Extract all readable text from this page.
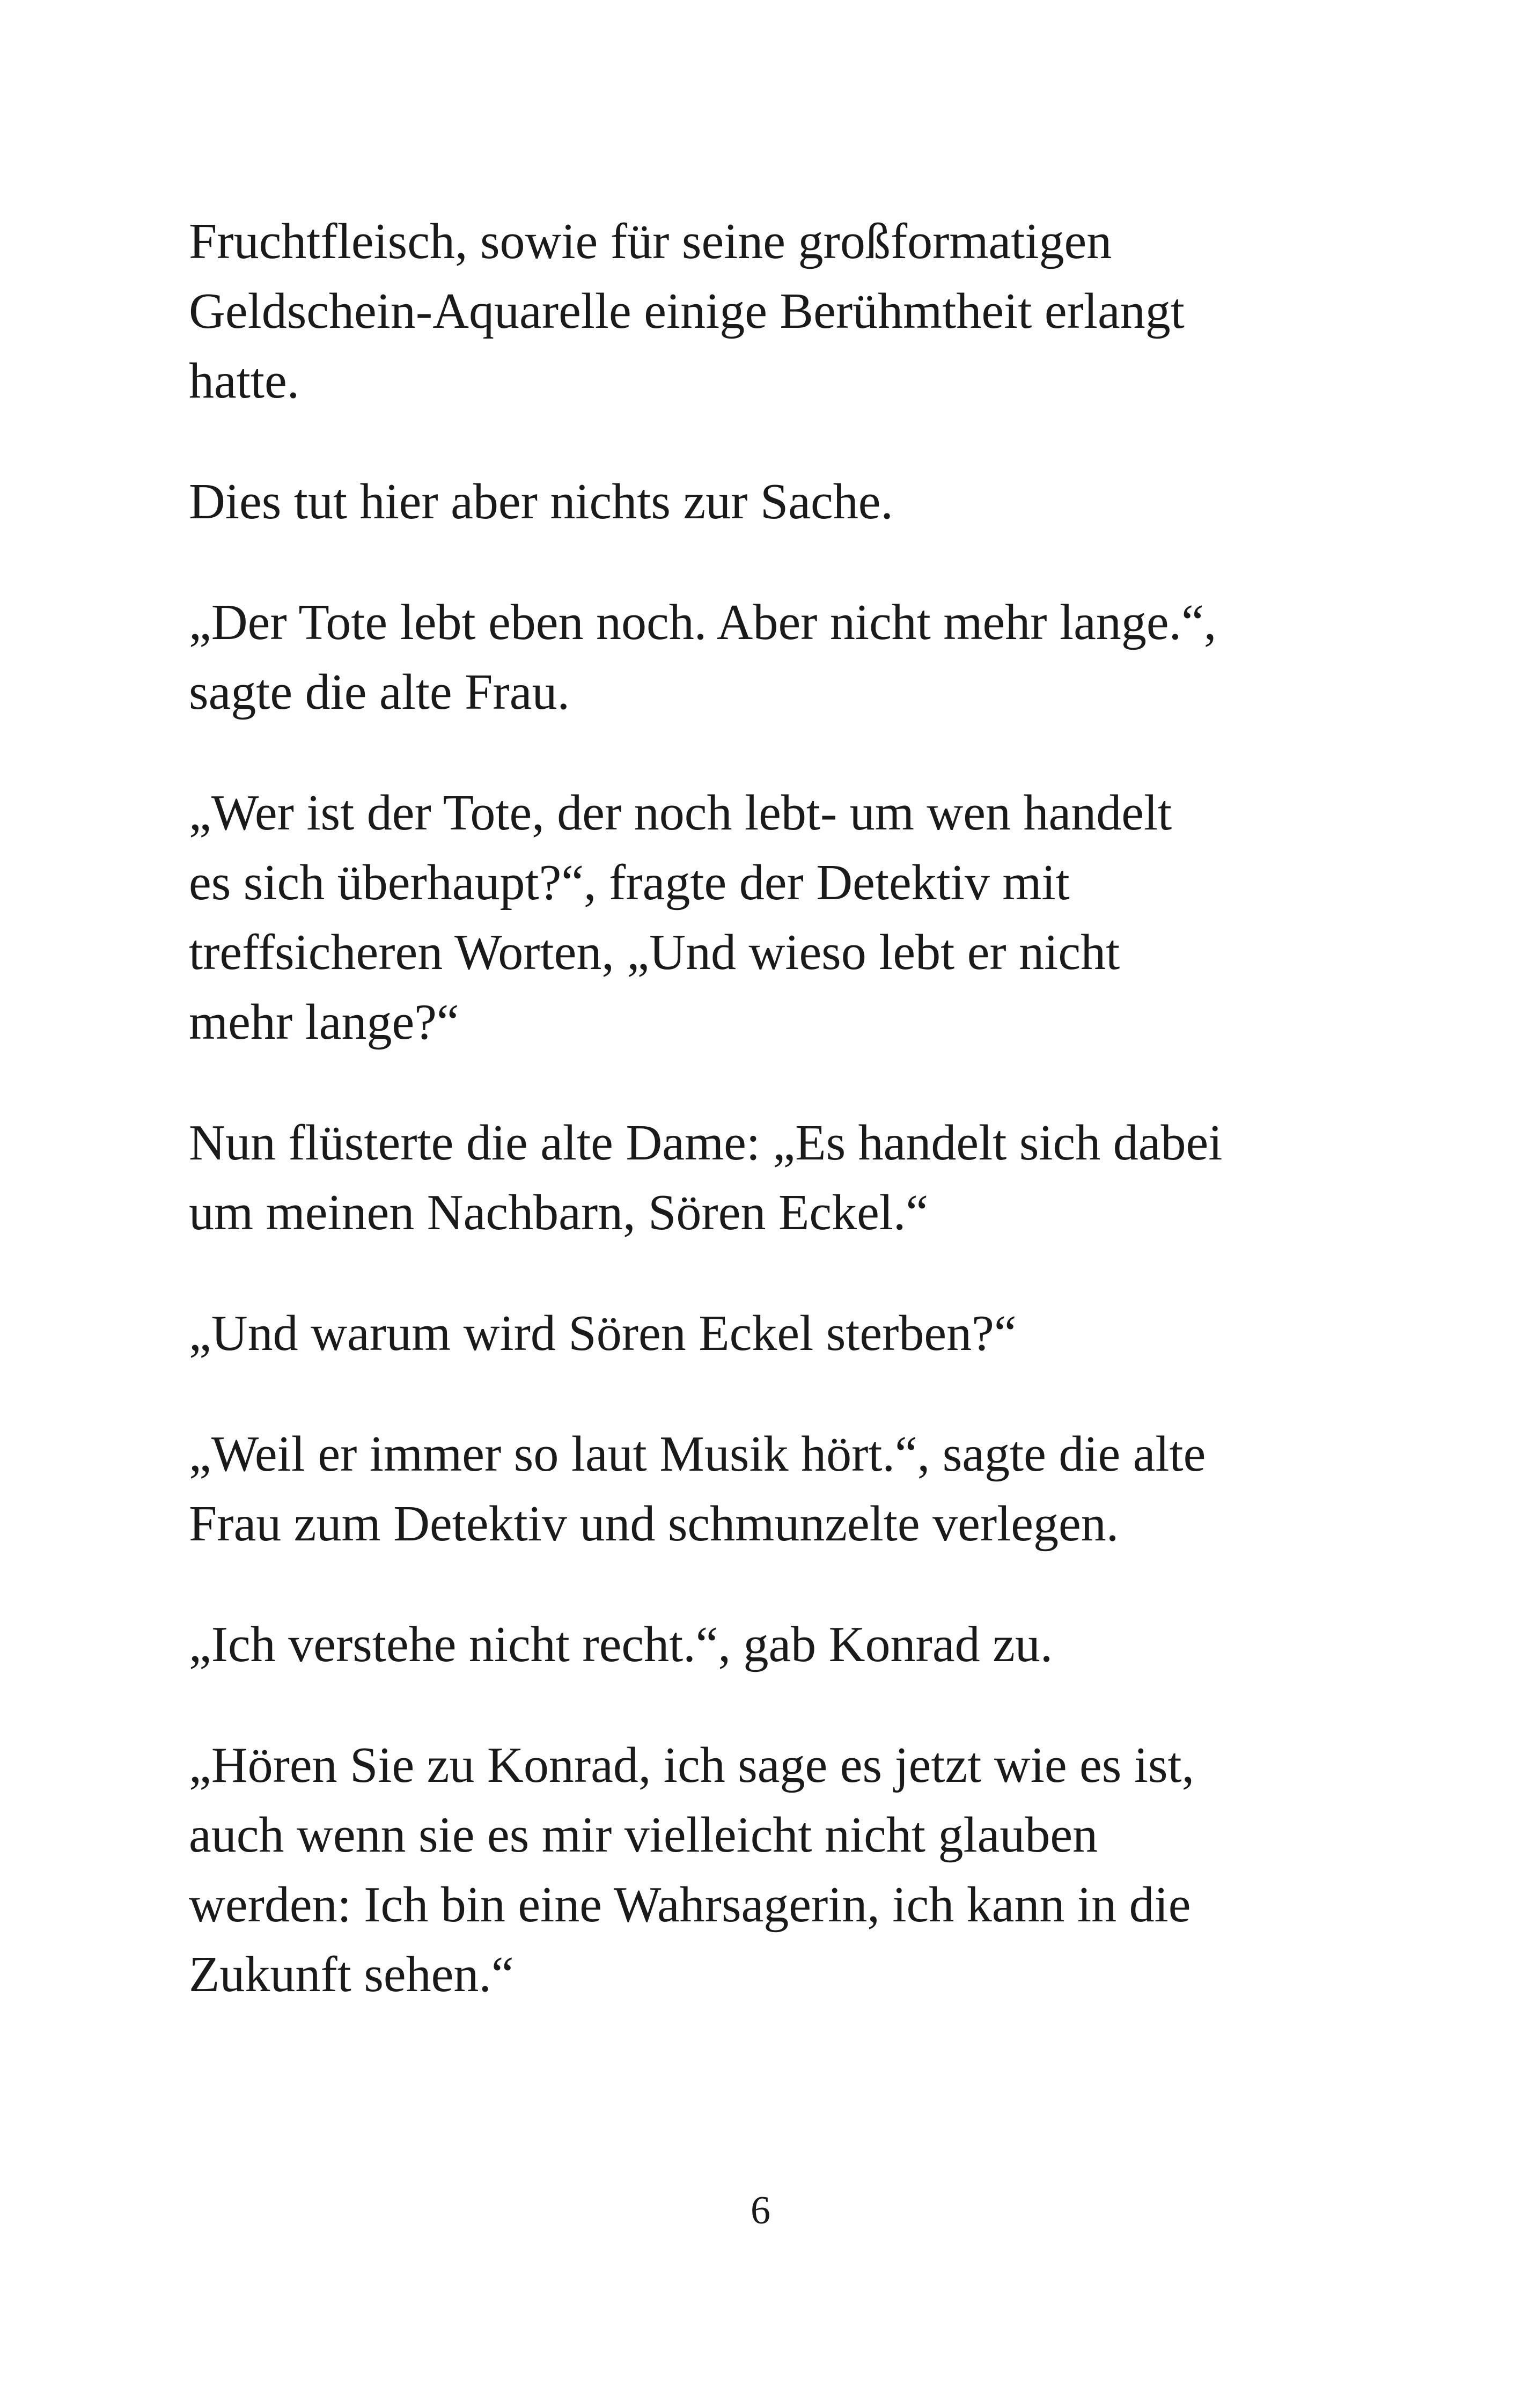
Fruchtfleisch, sowie für seine großformatigen
Geldschein-Aquarelle einige Berühmtheit erlangt
hatte.

Dies tut hier aber nichts zur Sache.

„Der Tote lebt eben noch. Aber nicht mehr lange.“,
sagte die alte Frau.

„Wer ist der Tote, der noch lebt- um wen handelt
es sich überhaupt?“, fragte der Detektiv mit
treffsicheren Worten, „Und wieso lebt er nicht
mehr lange?“

Nun flüsterte die alte Dame: „Es handelt sich dabei
um meinen Nachbarn, Sören Eckel.“

„Und warum wird Sören Eckel sterben?“

„Weil er immer so laut Musik hört.“, sagte die alte
Frau zum Detektiv und schmunzelte verlegen.

„Ich verstehe nicht recht.“, gab Konrad zu.

„Hören Sie zu Konrad, ich sage es jetzt wie es ist,
auch wenn sie es mir vielleicht nicht glauben
werden: Ich bin eine Wahrsagerin, ich kann in die
Zukunft sehen.“

6
